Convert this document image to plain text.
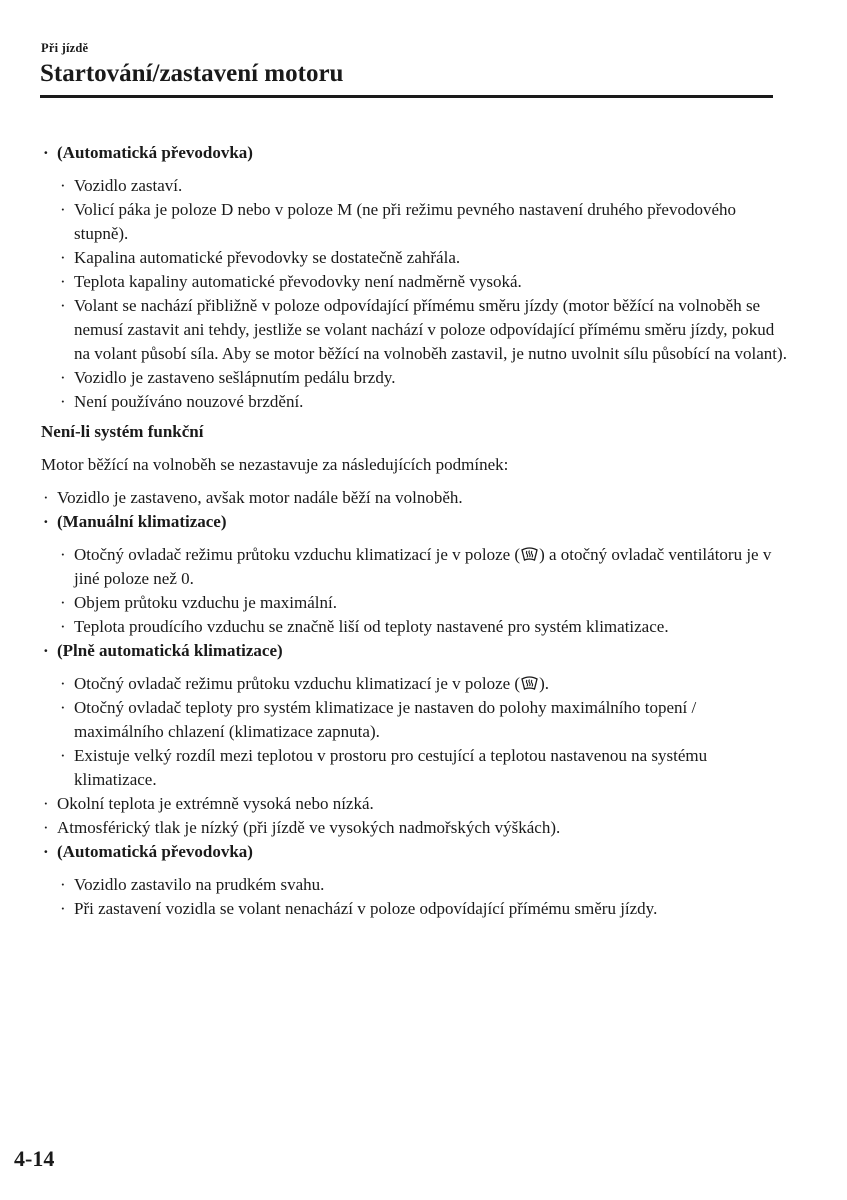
Při jízdě
Startování/zastavení motoru
· (Automatická převodovka)
· Vozidlo zastaví.
· Volicí páka je poloze D nebo v poloze M (ne při režimu pevného nastavení druhého převodového stupně).
· Kapalina automatické převodovky se dostatečně zahřála.
· Teplota kapaliny automatické převodovky není nadměrně vysoká.
· Volant se nachází přibližně v poloze odpovídající přímému směru jízdy (motor běžící na volnoběh se nemusí zastavit ani tehdy, jestliže se volant nachází v poloze odpovídající přímému směru jízdy, pokud na volant působí síla. Aby se motor běžící na volnoběh zastavil, je nutno uvolnit sílu působící na volant).
· Vozidlo je zastaveno sešlápnutím pedálu brzdy.
· Není používáno nouzové brzdění.
Není-li systém funkční
Motor běžící na volnoběh se nezastavuje za následujících podmínek:
· Vozidlo je zastaveno, avšak motor nadále běží na volnoběh.
· (Manuální klimatizace)
· Otočný ovladač režimu průtoku vzduchu klimatizací je v poloze ( ) a otočný ovladač ventilátoru je v jiné poloze než 0.
· Objem průtoku vzduchu je maximální.
· Teplota proudícího vzduchu se značně liší od teploty nastavené pro systém klimatizace.
· (Plně automatická klimatizace)
· Otočný ovladač režimu průtoku vzduchu klimatizací je v poloze ( ).
· Otočný ovladač teploty pro systém klimatizace je nastaven do polohy maximálního topení / maximálního chlazení (klimatizace zapnuta).
· Existuje velký rozdíl mezi teplotou v prostoru pro cestující a teplotou nastavenou na systému klimatizace.
· Okolní teplota je extrémně vysoká nebo nízká.
· Atmosférický tlak je nízký (při jízdě ve vysokých nadmořských výškách).
· (Automatická převodovka)
· Vozidlo zastavilo na prudkém svahu.
· Při zastavení vozidla se volant nenachází v poloze odpovídající přímému směru jízdy.
4-14
